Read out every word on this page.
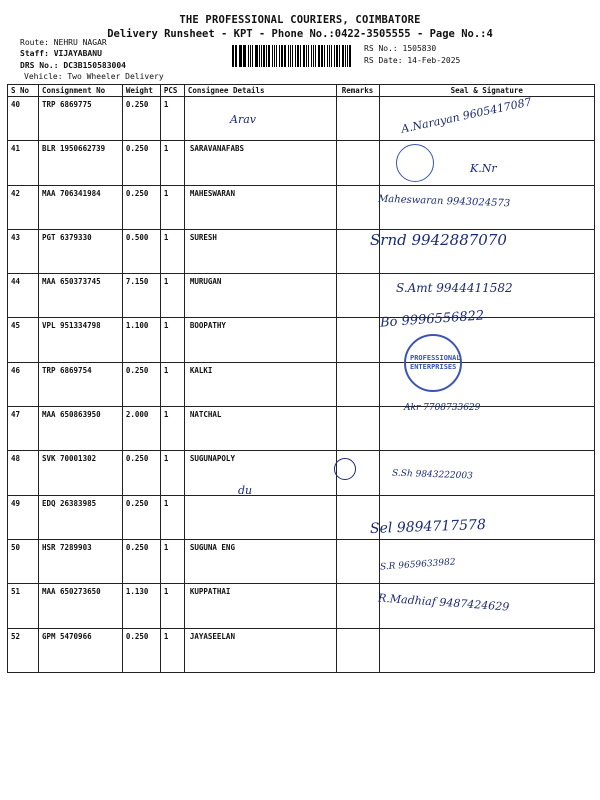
THE PROFESSIONAL COURIERS, COIMBATORE
Delivery Runsheet - KPT - Phone No.:0422-3505555 - Page No.:4
Route: NEHRU NAGAR
Staff: VIJAYABANU
DRS No.: DC3B150583004
Vehicle: Two Wheeler Delivery
RS No.: 1505830
RS Date: 14-Feb-2025
S No	Consignment No	Weight	PCS	Consignee Details	Remarks	Seal & Signature
40	TRP 6869775	0.250	1			
41	BLR 1950662739	0.250	1	SARAVANAFABS		
42	MAA 706341984	0.250	1	MAHESWARAN		
43	PGT 6379330	0.500	1	SURESH		
44	MAA 650373745	7.150	1	MURUGAN		
45	VPL 951334798	1.100	1	BOOPATHY		
46	TRP 6869754	0.250	1	KALKI		
47	MAA 650863950	2.000	1	NATCHAL		
48	SVK 70001302	0.250	1	SUGUNAPOLY		
49	EDQ 26383985	0.250	1			
50	HSR 7289903	0.250	1	SUGUNA ENG		
51	MAA 650273650	1.130	1	KUPPATHAI		
52	GPM 5470966	0.250	1	JAYASEELAN		
A.Narayan 9605417087
Arav
K.Nr
Maheswaran 9943024573
Srnd 9942887070
S.Amt 9944411582
Bo 9996556822
Akr 7708733629
S.Sh 9843222003
du
Sel 9894717578
S.R 9659633982
R.Madhiaf 9487424629
PROFESSIONAL ENTERPRISES
